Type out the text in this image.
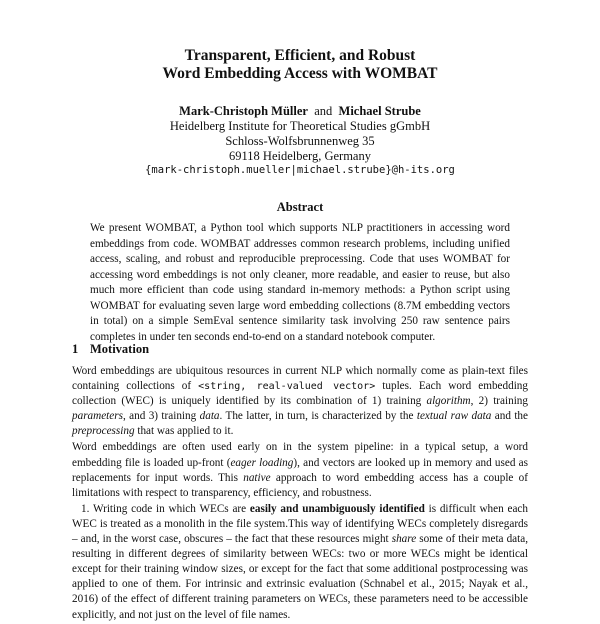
Transparent, Efficient, and Robust
Word Embedding Access with WOMBAT
Mark-Christoph Müller and Michael Strube
Heidelberg Institute for Theoretical Studies gGmbH
Schloss-Wolfsbrunnenweg 35
69118 Heidelberg, Germany
{mark-christoph.mueller|michael.strube}@h-its.org
Abstract
We present WOMBAT, a Python tool which supports NLP practitioners in accessing word embeddings from code. WOMBAT addresses common research problems, including unified access, scaling, and robust and reproducible preprocessing. Code that uses WOMBAT for accessing word embeddings is not only cleaner, more readable, and easier to reuse, but also much more efficient than code using standard in-memory methods: a Python script using WOMBAT for evaluating seven large word embedding collections (8.7M embedding vectors in total) on a simple SemEval sentence similarity task involving 250 raw sentence pairs completes in under ten seconds end-to-end on a standard notebook computer.
1 Motivation

Word embeddings are ubiquitous resources in current NLP which normally come as plain-text files containing collections of <string, real-valued vector> tuples. Each word embedding collection (WEC) is uniquely identified by its combination of 1) training algorithm, 2) training parameters, and 3) training data. The latter, in turn, is characterized by the textual raw data and the preprocessing that was applied to it.

Word embeddings are often used early on in the system pipeline: in a typical setup, a word embedding file is loaded up-front (eager loading), and vectors are looked up in memory and used as replacements for input words. This native approach to word embedding access has a couple of limitations with respect to transparency, efficiency, and robustness.

1. Writing code in which WECs are easily and unambiguously identified is difficult when each WEC is treated as a monolith in the file system.This way of identifying WECs completely disregards – and, in the worst case, obscures – the fact that these resources might share some of their meta data, resulting in different degrees of similarity between WECs: two or more WECs might be identical except for their training window sizes, or except for the fact that some additional postprocessing was applied to one of them. For intrinsic and extrinsic evaluation (Schnabel et al., 2015; Nayak et al., 2016) of the effect of different training parameters on WECs, these parameters need to be accessible explicitly, and not just on the level of file names.
